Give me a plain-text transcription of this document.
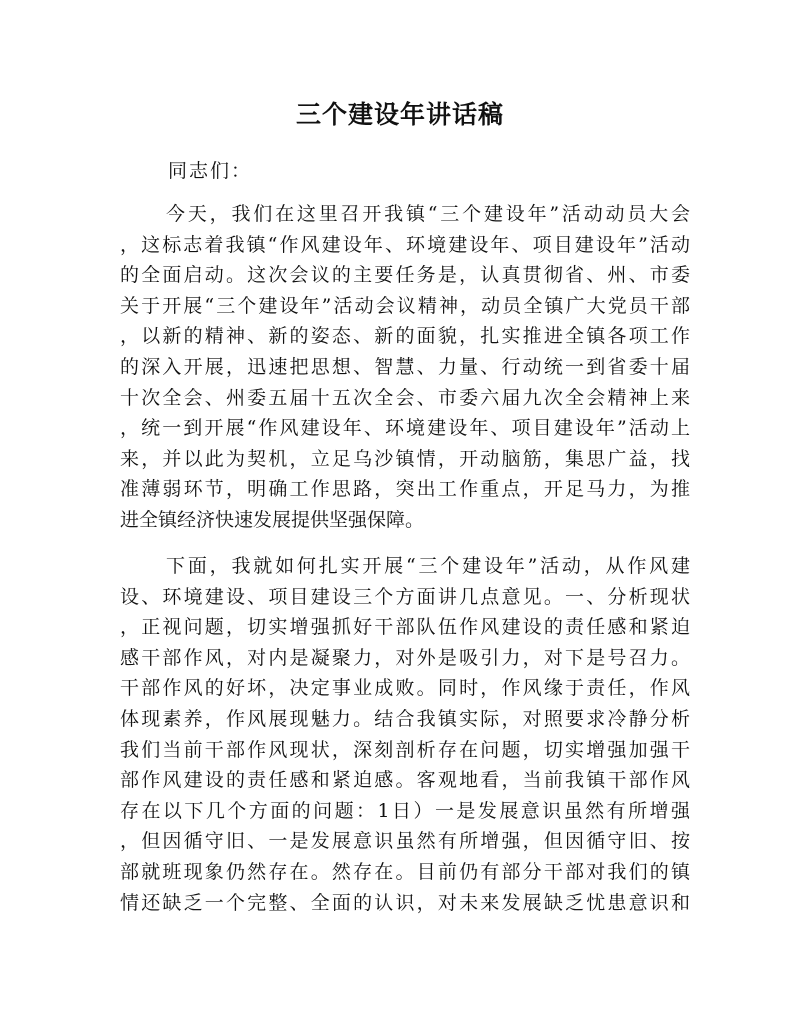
三个建设年讲话稿

同志们：

今天，我们在这里召开我镇“三个建设年”活动动员大会
，这标志着我镇“作风建设年、环境建设年、项目建设年”活动
的全面启动。这次会议的主要任务是，认真贯彻省、州、市委
关于开展“三个建设年”活动会议精神，动员全镇广大党员干部
，以新的精神、新的姿态、新的面貌，扎实推进全镇各项工作
的深入开展，迅速把思想、智慧、力量、行动统一到省委十届
十次全会、州委五届十五次全会、市委六届九次全会精神上来
，统一到开展“作风建设年、环境建设年、项目建设年”活动上
来，并以此为契机，立足乌沙镇情，开动脑筋，集思广益，找
准薄弱环节，明确工作思路，突出工作重点，开足马力，为推
进全镇经济快速发展提供坚强保障。
下面，我就如何扎实开展“三个建设年”活动，从作风建
设、环境建设、项目建设三个方面讲几点意见。一、分析现状
，正视问题，切实增强抓好干部队伍作风建设的责任感和紧迫
感干部作风，对内是凝聚力，对外是吸引力，对下是号召力。
干部作风的好坏，决定事业成败。同时，作风缘于责任，作风
体现素养，作风展现魅力。结合我镇实际，对照要求冷静分析
我们当前干部作风现状，深刻剖析存在问题，切实增强加强干
部作风建设的责任感和紧迫感。客观地看，当前我镇干部作风
存在以下几个方面的问题：1日）一是发展意识虽然有所增强
，但因循守旧、一是发展意识虽然有所增强，但因循守旧、按
部就班现象仍然存在。然存在。目前仍有部分干部对我们的镇
情还缺乏一个完整、全面的认识，对未来发展缺乏忧患意识和
